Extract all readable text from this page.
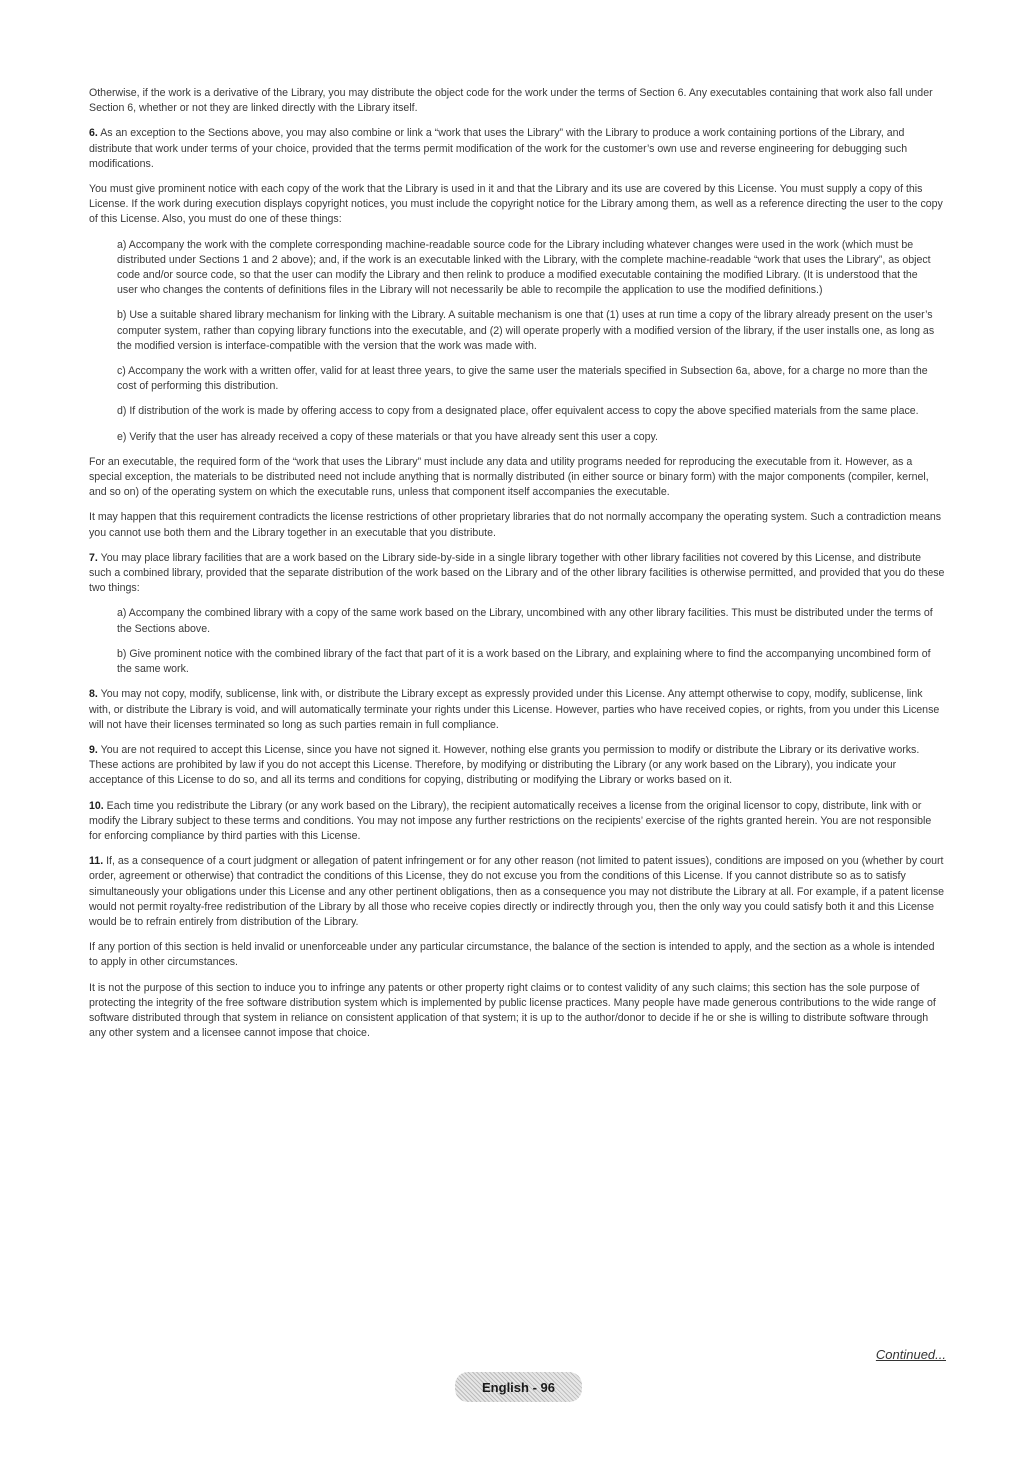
Otherwise, if the work is a derivative of the Library, you may distribute the object code for the work under the terms of Section 6. Any executables containing that work also fall under Section 6, whether or not they are linked directly with the Library itself.

6. As an exception to the Sections above, you may also combine or link a “work that uses the Library” with the Library to produce a work containing portions of the Library, and distribute that work under terms of your choice, provided that the terms permit modification of the work for the customer’s own use and reverse engineering for debugging such modifications.

You must give prominent notice with each copy of the work that the Library is used in it and that the Library and its use are covered by this License. You must supply a copy of this License. If the work during execution displays copyright notices, you must include the copyright notice for the Library among them, as well as a reference directing the user to the copy of this License. Also, you must do one of these things:

a) Accompany the work with the complete corresponding machine-readable source code for the Library including whatever changes were used in the work (which must be distributed under Sections 1 and 2 above); and, if the work is an executable linked with the Library, with the complete machine-readable “work that uses the Library”, as object code and/or source code, so that the user can modify the Library and then relink to produce a modified executable containing the modified Library. (It is understood that the user who changes the contents of definitions files in the Library will not necessarily be able to recompile the application to use the modified definitions.)

b) Use a suitable shared library mechanism for linking with the Library. A suitable mechanism is one that (1) uses at run time a copy of the library already present on the user’s computer system, rather than copying library functions into the executable, and (2) will operate properly with a modified version of the library, if the user installs one, as long as the modified version is interface-compatible with the version that the work was made with.

c) Accompany the work with a written offer, valid for at least three years, to give the same user the materials specified in Subsection 6a, above, for a charge no more than the cost of performing this distribution.

d) If distribution of the work is made by offering access to copy from a designated place, offer equivalent access to copy the above specified materials from the same place.

e) Verify that the user has already received a copy of these materials or that you have already sent this user a copy.

For an executable, the required form of the “work that uses the Library” must include any data and utility programs needed for reproducing the executable from it. However, as a special exception, the materials to be distributed need not include anything that is normally distributed (in either source or binary form) with the major components (compiler, kernel, and so on) of the operating system on which the executable runs, unless that component itself accompanies the executable.

It may happen that this requirement contradicts the license restrictions of other proprietary libraries that do not normally accompany the operating system. Such a contradiction means you cannot use both them and the Library together in an executable that you distribute.

7. You may place library facilities that are a work based on the Library side-by-side in a single library together with other library facilities not covered by this License, and distribute such a combined library, provided that the separate distribution of the work based on the Library and of the other library facilities is otherwise permitted, and provided that you do these two things:

a) Accompany the combined library with a copy of the same work based on the Library, uncombined with any other library facilities. This must be distributed under the terms of the Sections above.

b) Give prominent notice with the combined library of the fact that part of it is a work based on the Library, and explaining where to find the accompanying uncombined form of the same work.

8. You may not copy, modify, sublicense, link with, or distribute the Library except as expressly provided under this License. Any attempt otherwise to copy, modify, sublicense, link with, or distribute the Library is void, and will automatically terminate your rights under this License. However, parties who have received copies, or rights, from you under this License will not have their licenses terminated so long as such parties remain in full compliance.

9. You are not required to accept this License, since you have not signed it. However, nothing else grants you permission to modify or distribute the Library or its derivative works. These actions are prohibited by law if you do not accept this License. Therefore, by modifying or distributing the Library (or any work based on the Library), you indicate your acceptance of this License to do so, and all its terms and conditions for copying, distributing or modifying the Library or works based on it.

10. Each time you redistribute the Library (or any work based on the Library), the recipient automatically receives a license from the original licensor to copy, distribute, link with or modify the Library subject to these terms and conditions. You may not impose any further restrictions on the recipients’ exercise of the rights granted herein. You are not responsible for enforcing compliance by third parties with this License.

11. If, as a consequence of a court judgment or allegation of patent infringement or for any other reason (not limited to patent issues), conditions are imposed on you (whether by court order, agreement or otherwise) that contradict the conditions of this License, they do not excuse you from the conditions of this License. If you cannot distribute so as to satisfy simultaneously your obligations under this License and any other pertinent obligations, then as a consequence you may not distribute the Library at all. For example, if a patent license would not permit royalty-free redistribution of the Library by all those who receive copies directly or indirectly through you, then the only way you could satisfy both it and this License would be to refrain entirely from distribution of the Library.

If any portion of this section is held invalid or unenforceable under any particular circumstance, the balance of the section is intended to apply, and the section as a whole is intended to apply in other circumstances.

It is not the purpose of this section to induce you to infringe any patents or other property right claims or to contest validity of any such claims; this section has the sole purpose of protecting the integrity of the free software distribution system which is implemented by public license practices. Many people have made generous contributions to the wide range of software distributed through that system in reliance on consistent application of that system; it is up to the author/donor to decide if he or she is willing to distribute software through any other system and a licensee cannot impose that choice.

Continued...
English - 96
